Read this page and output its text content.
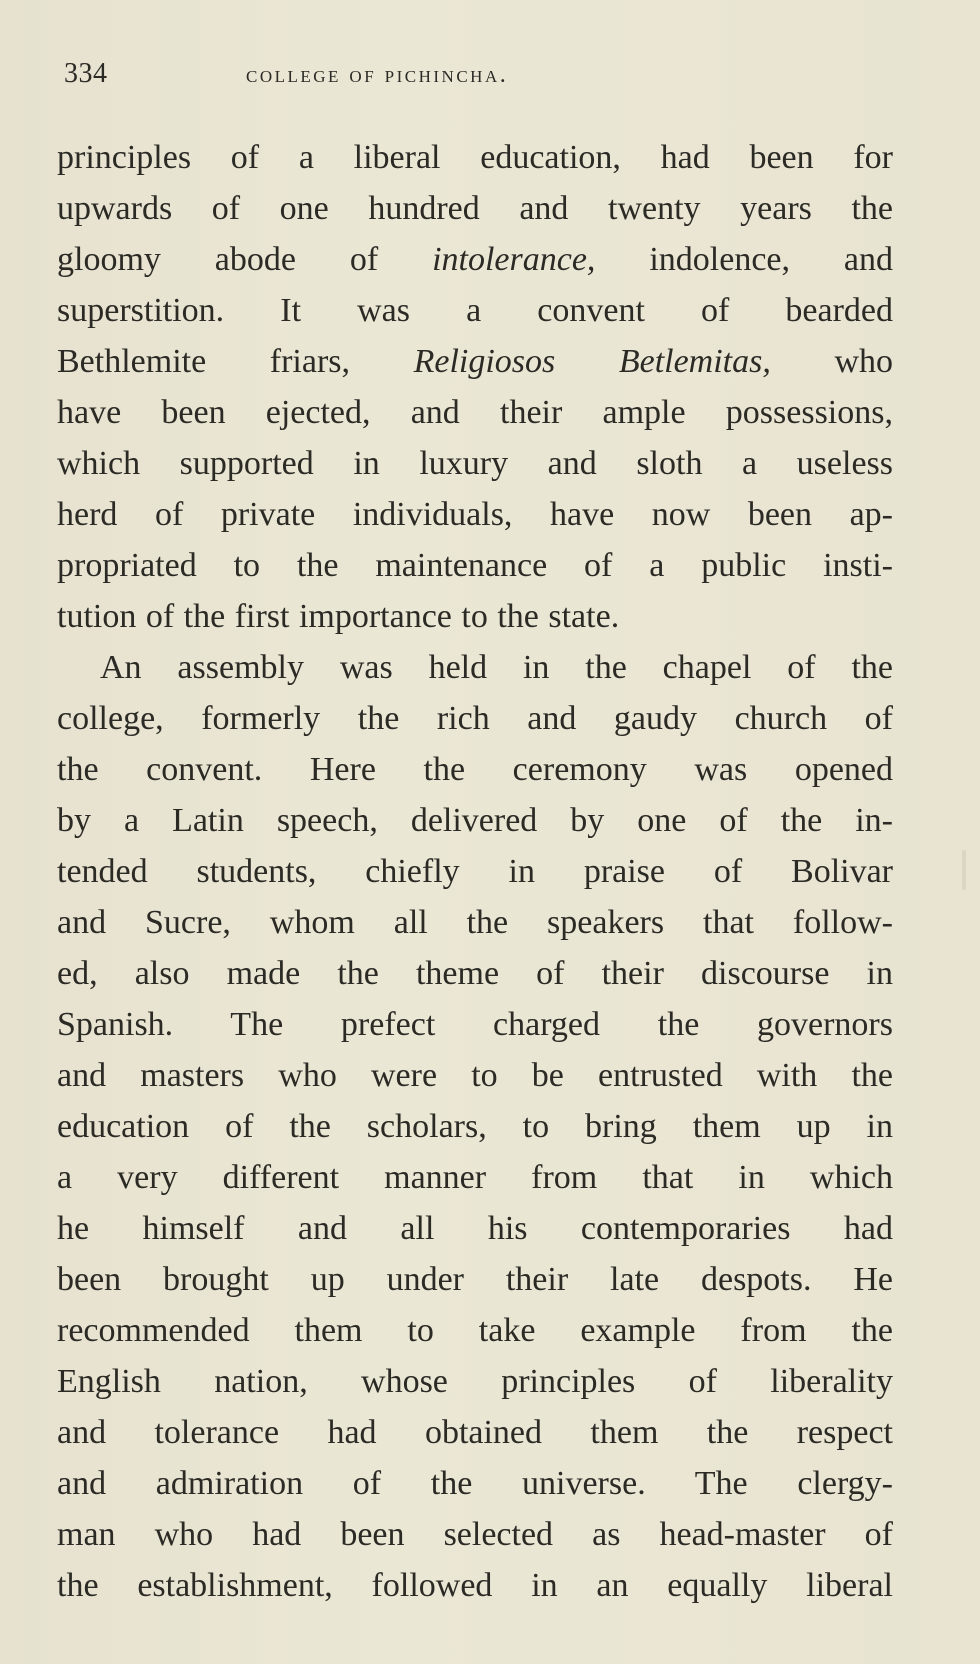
334	college of pichincha.
principles of a liberal education, had been for
upwards of one hundred and twenty years the
gloomy abode of intolerance, indolence, and
superstition. It was a convent of bearded
Bethlemite friars, Religiosos Betlemitas, who
have been ejected, and their ample possessions,
which supported in luxury and sloth a useless
herd of private individuals, have now been ap-
propriated to the maintenance of a public insti-
tution of the first importance to the state.
An assembly was held in the chapel of the
college, formerly the rich and gaudy church of
the convent. Here the ceremony was opened
by a Latin speech, delivered by one of the in-
tended students, chiefly in praise of Bolivar
and Sucre, whom all the speakers that follow-
ed, also made the theme of their discourse in
Spanish. The prefect charged the governors
and masters who were to be entrusted with the
education of the scholars, to bring them up in
a very different manner from that in which
he himself and all his contemporaries had
been brought up under their late despots. He
recommended them to take example from the
English nation, whose principles of liberality
and tolerance had obtained them the respect
and admiration of the universe. The clergy-
man who had been selected as head-master of
the establishment, followed in an equally liberal
